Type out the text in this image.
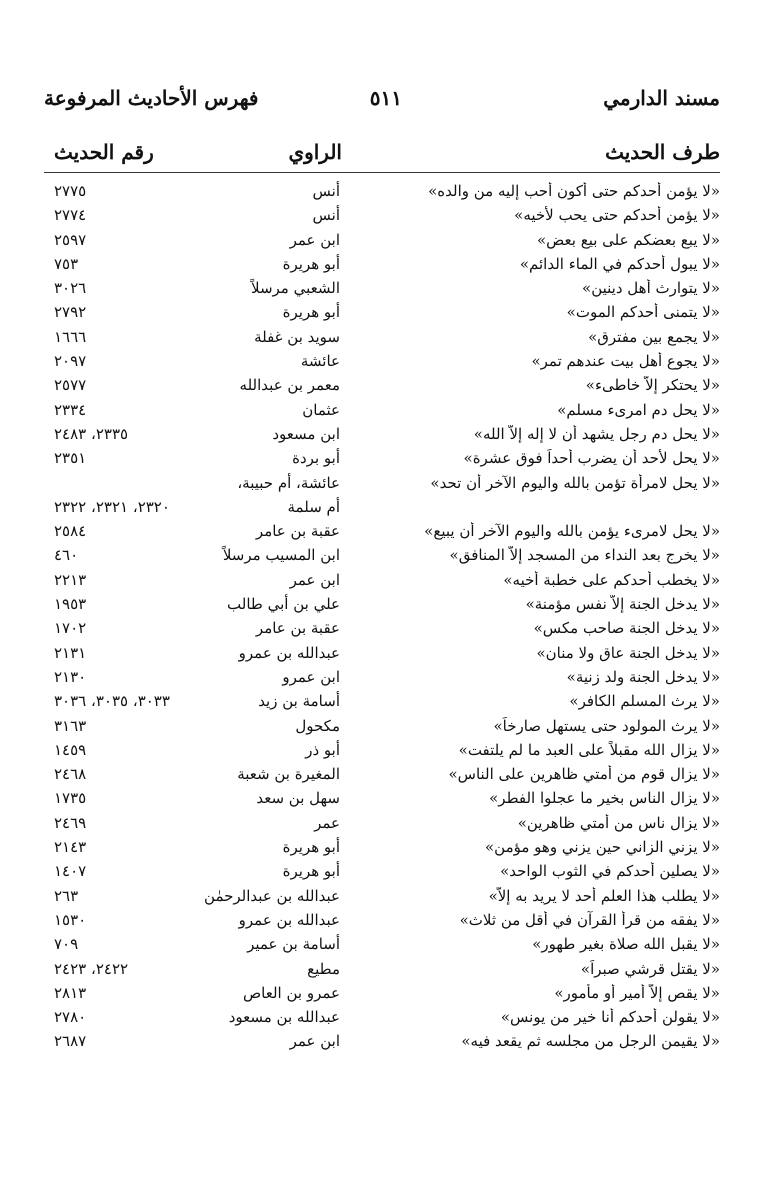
مسند الدارمي
٥١١
فهرس الأحاديث المرفوعة
طرف الحديث
الراوي
رقم الحديث
«لا يؤمن أحدكم حتى أكون أحب إليه من والده»
أنس
٢٧٧٥
«لا يؤمن أحدكم حتى يحب لأخيه»
أنس
٢٧٧٤
«لا يبع بعضكم على بيع بعض»
ابن عمر
٢٥٩٧
«لا يبول أحدكم في الماء الدائم»
أبو هريرة
٧٥٣
«لا يتوارث أهل دينين»
الشعبي مرسلاً
٣٠٢٦
«لا يتمنى أحدكم الموت»
أبو هريرة
٢٧٩٢
«لا يجمع بين مفترق»
سويد بن غفلة
١٦٦٦
«لا يجوع أهل بيت عندهم تمر»
عائشة
٢٠٩٧
«لا يحتكر إلاّ خاطىء»
معمر بن عبدالله
٢٥٧٧
«لا يحل دم امرىء مسلم»
عثمان
٢٣٣٤
«لا يحل دم رجل يشهد أن لا إله إلاّ الله»
ابن مسعود
٢٣٣٥، ٢٤٨٣
«لا يحل لأحد أن يضرب أحداً فوق عشرة»
أبو بردة
٢٣٥١
«لا يحل لامرأة تؤمن بالله واليوم الآخر أن تحد»
عائشة، أم حبيبة،
أم سلمة
٢٣٢٠، ٢٣٢١، ٢٣٢٢
«لا يحل لامرىء يؤمن بالله واليوم الآخر أن يبيع»
عقبة بن عامر
٢٥٨٤
«لا يخرج بعد النداء من المسجد إلاّ المنافق»
ابن المسيب مرسلاً
٤٦٠
«لا يخطب أحدكم على خطبة أخيه»
ابن عمر
٢٢١٣
«لا يدخل الجنة إلاّ نفس مؤمنة»
علي بن أبي طالب
١٩٥٣
«لا يدخل الجنة صاحب مكس»
عقبة بن عامر
١٧٠٢
«لا يدخل الجنة عاق ولا منان»
عبدالله بن عمرو
٢١٣١
«لا يدخل الجنة ولد زنية»
ابن عمرو
٢١٣٠
«لا يرث المسلم الكافر»
أسامة بن زيد
٣٠٣٣، ٣٠٣٥، ٣٠٣٦
«لا يرث المولود حتى يستهل صارخاً»
مكحول
٣١٦٣
«لا يزال الله مقبلاً على العبد ما لم يلتفت»
أبو ذر
١٤٥٩
«لا يزال قوم من أمتي ظاهرين على الناس»
المغيرة بن شعبة
٢٤٦٨
«لا يزال الناس بخير ما عجلوا الفطر»
سهل بن سعد
١٧٣٥
«لا يزال ناس من أمتي ظاهرين»
عمر
٢٤٦٩
«لا يزني الزاني حين يزني وهو مؤمن»
أبو هريرة
٢١٤٣
«لا يصلين أحدكم في الثوب الواحد»
أبو هريرة
١٤٠٧
«لا يطلب هذا العلم أحد لا يريد به إلاّ»
عبدالله بن عبدالرحمٰن
٢٦٣
«لا يفقه من قرأ القرآن في أقل من ثلاث»
عبدالله بن عمرو
١٥٣٠
«لا يقبل الله صلاة بغير طهور»
أسامة بن عمير
٧٠٩
«لا يقتل قرشي صبراً»
مطيع
٢٤٢٢، ٢٤٢٣
«لا يقص إلاّ أمير أو مأمور»
عمرو بن العاص
٢٨١٣
«لا يقولن أحدكم أنا خير من يونس»
عبدالله بن مسعود
٢٧٨٠
«لا يقيمن الرجل من مجلسه ثم يقعد فيه»
ابن عمر
٢٦٨٧
